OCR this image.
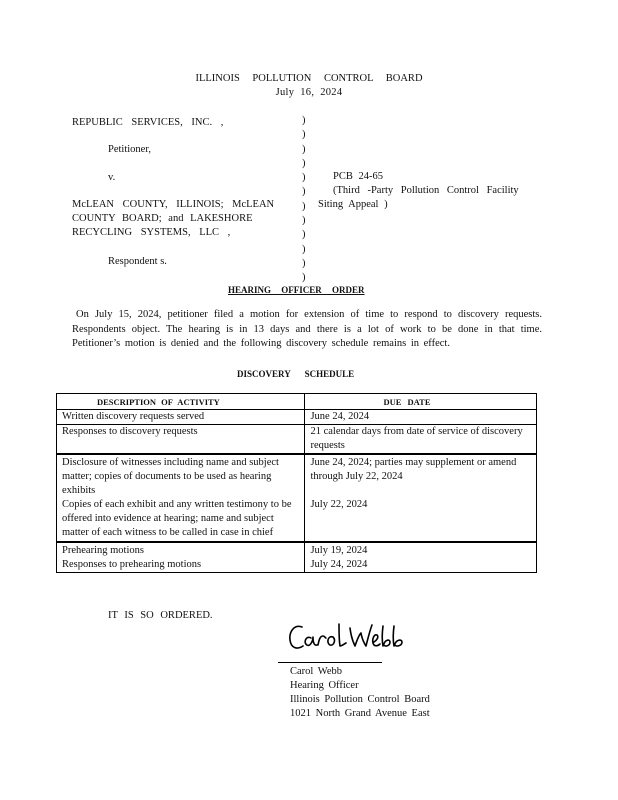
ILLINOIS POLLUTION CONTROL BOARD
July 16, 2024
REPUBLIC SERVICES, INC. ,
Petitioner,
v.
McLEAN COUNTY, ILLINOIS; McLEAN
COUNTY BOARD; and LAKESHORE
RECYCLING SYSTEMS, LLC ,
Respondent s.
)
)
)
)
)
)
)
)
)
)
)
)
PCB 24-65
(Third -Party Pollution Control Facility
Siting Appeal )
HEARING OFFICER ORDER
On July 15, 2024, petitioner filed a motion for extension of time to respond to discovery requests. Respondents object. The hearing is in 13 days and there is a lot of work to be done in that time. Petitioner’s motion is denied and the following discovery schedule remains in effect.
DISCOVERY SCHEDULE
DESCRIPTION OF ACTIVITY	DUE DATE
Written discovery requests served	June 24, 2024
Responses to discovery requests	21 calendar days from date of service of discovery requests
Disclosure of witnesses including name and subject matter; copies of documents to be used as hearing exhibits	June 24, 2024; parties may supplement or amend through July 22, 2024
Copies of each exhibit and any written testimony to be offered into evidence at hearing; name and subject matter of each witness to be called in case in chief	July 22, 2024
Prehearing motions	July 19, 2024
Responses to prehearing motions	July 24, 2024
IT IS SO ORDERED.
Carol Webb
Hearing Officer
Illinois Pollution Control Board
1021 North Grand Avenue East
